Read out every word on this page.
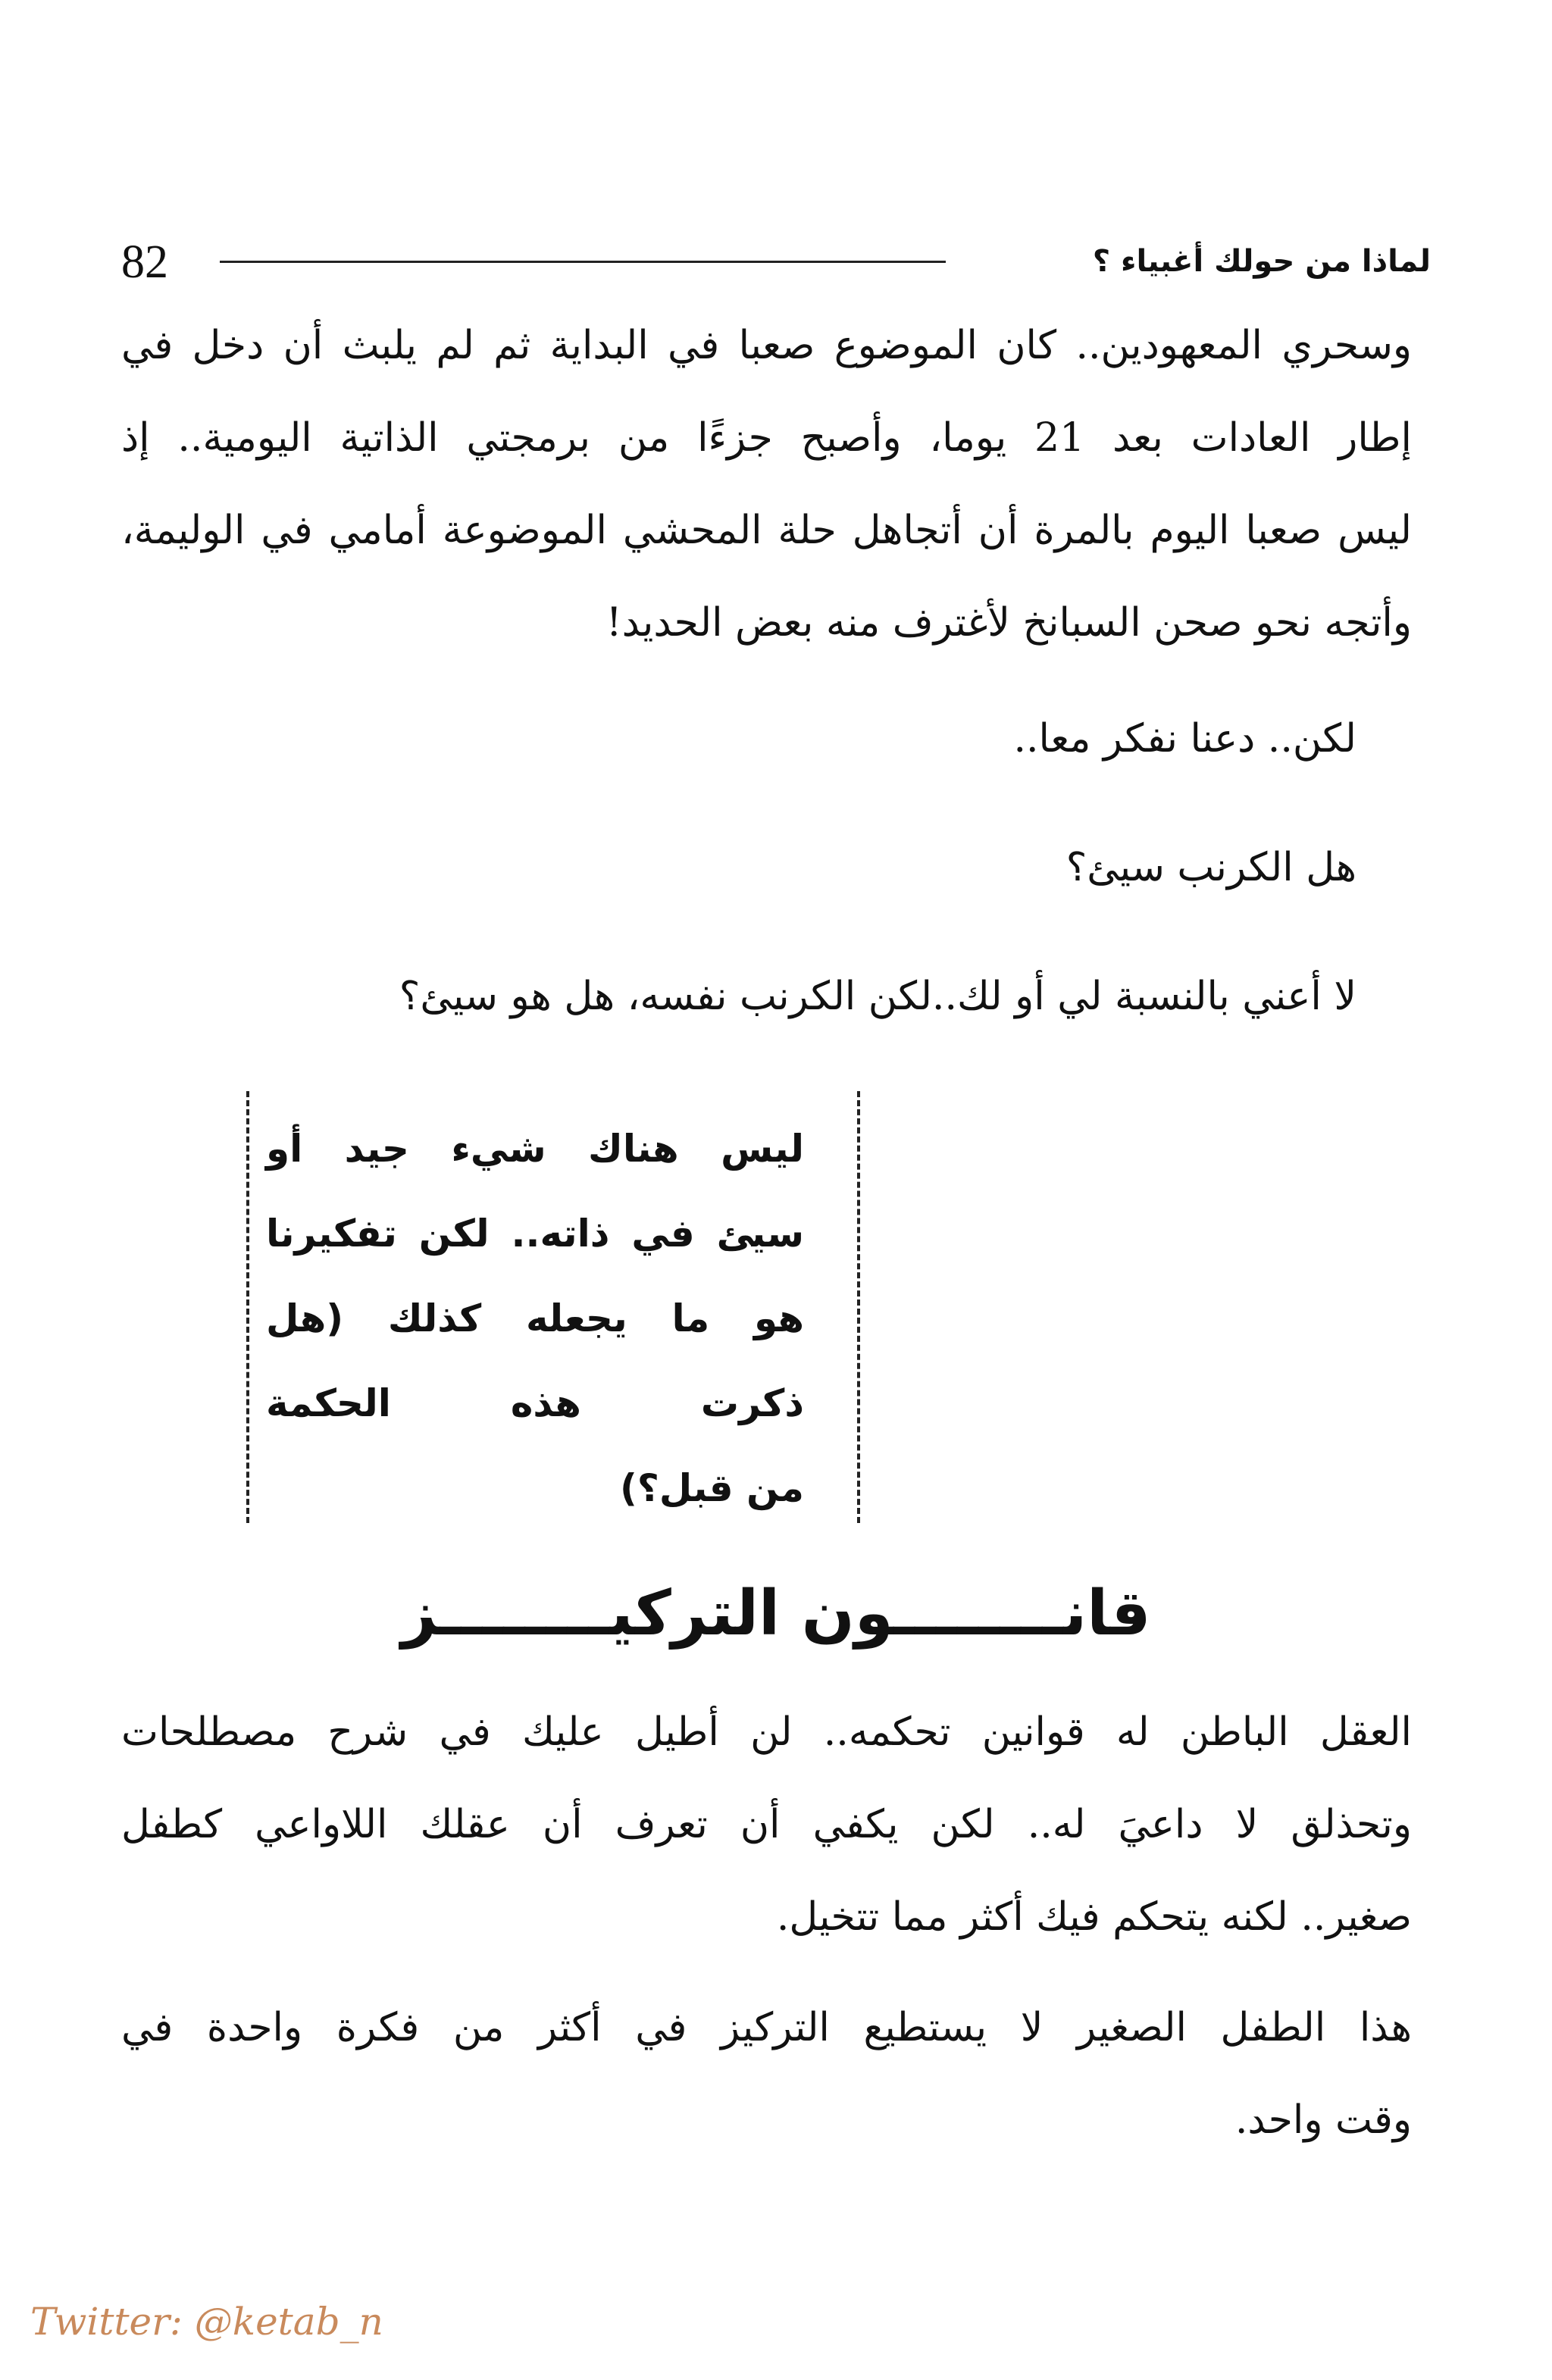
82	لماذا من حولك أغبياء ؟
وسحري المعهودين.. كان الموضوع صعبا في البداية ثم لم يلبث أن دخل في
إطار العادات بعد 21 يوما، وأصبح جزءًا من برمجتي الذاتية اليومية.. إذ
ليس صعبا اليوم بالمرة أن أتجاهل حلة المحشي الموضوعة أمامي في الوليمة،
وأتجه نحو صحن السبانخ لأغترف منه بعض الحديد!
لكن.. دعنا نفكر معا..
هل الكرنب سيئ؟
لا أعني بالنسبة لي أو لك..لكن الكرنب نفسه، هل هو سيئ؟
ليس هناك شيء جيد أو
سيئ في ذاته.. لكن تفكيرنا
هو ما يجعله كذلك (هل
ذكرت هذه الحكمة
من قبل؟)
قانــــــــون التركيــــــــز
العقل الباطن له قوانين تحكمه.. لن أطيل عليك في شرح مصطلحات
وتحذلق لا داعيَ له.. لكن يكفي أن تعرف أن عقلك اللاواعي كطفل
صغير.. لكنه يتحكم فيك أكثر مما تتخيل.
هذا الطفل الصغير لا يستطيع التركيز في أكثر من فكرة واحدة في
وقت واحد.
Twitter: @ketab_n
